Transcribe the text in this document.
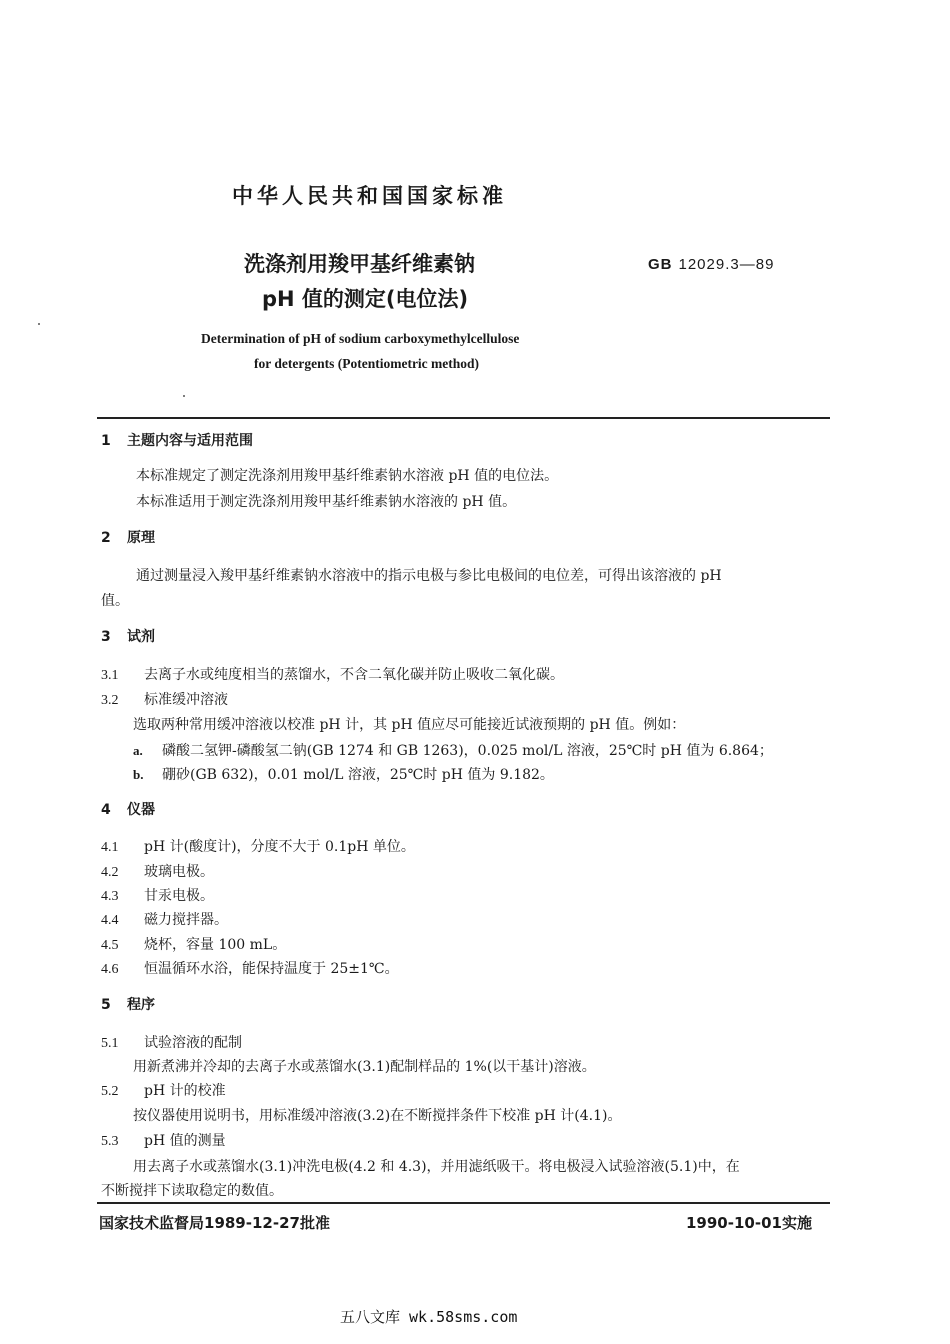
中华人民共和国国家标准
洗涤剂用羧甲基纤维素钠
pH 值的测定(电位法)
GB 12029.3—89
Determination of pH of sodium carboxymethylcellulose
for detergents (Potentiometric method)
1 主题内容与适用范围
本标准规定了测定洗涤剂用羧甲基纤维素钠水溶液 pH 值的电位法。
本标准适用于测定洗涤剂用羧甲基纤维素钠水溶液的 pH 值。
2 原理
通过测量浸入羧甲基纤维素钠水溶液中的指示电极与参比电极间的电位差，可得出该溶液的 pH
值。
3 试剂
3.1 去离子水或纯度相当的蒸馏水，不含二氧化碳并防止吸收二氧化碳。
3.2 标准缓冲溶液
选取两种常用缓冲溶液以校准 pH 计，其 pH 值应尽可能接近试液预期的 pH 值。例如：
a. 磷酸二氢钾-磷酸氢二钠(GB 1274 和 GB 1263)，0.025 mol/L 溶液，25℃时 pH 值为 6.864；
b. 硼砂(GB 632)，0.01 mol/L 溶液，25℃时 pH 值为 9.182。
4 仪器
4.1 pH 计(酸度计)，分度不大于 0.1pH 单位。
4.2 玻璃电极。
4.3 甘汞电极。
4.4 磁力搅拌器。
4.5 烧杯，容量 100 mL。
4.6 恒温循环水浴，能保持温度于 25±1℃。
5 程序
5.1 试验溶液的配制
用新煮沸并冷却的去离子水或蒸馏水(3.1)配制样品的 1%(以干基计)溶液。
5.2 pH 计的校准
按仪器使用说明书，用标准缓冲溶液(3.2)在不断搅拌条件下校准 pH 计(4.1)。
5.3 pH 值的测量
用去离子水或蒸馏水(3.1)冲洗电极(4.2 和 4.3)，并用滤纸吸干。将电极浸入试验溶液(5.1)中，在
不断搅拌下读取稳定的数值。
国家技术监督局1989-12-27批准	1990-10-01实施
五八文库 wk.58sms.com
